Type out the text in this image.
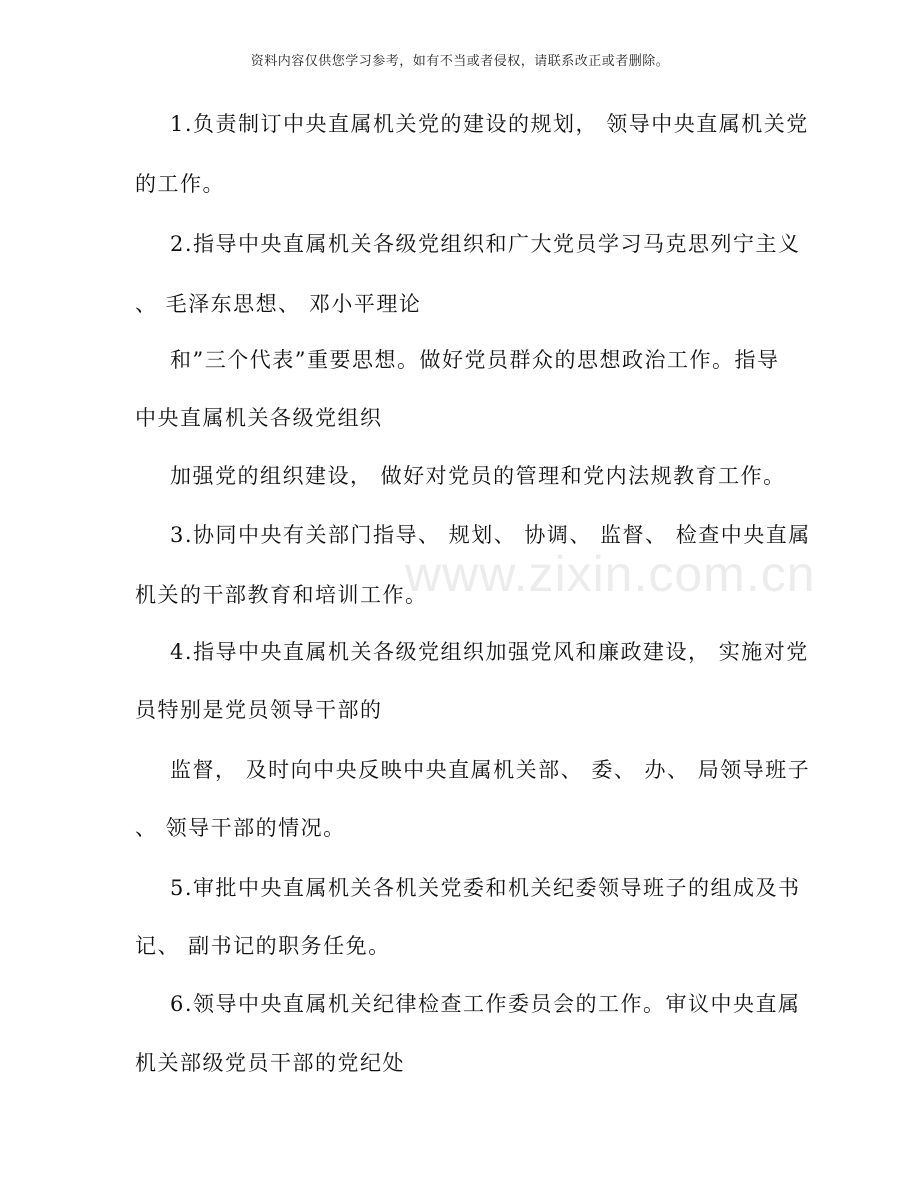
资料内容仅供您学习参考，如有不当或者侵权，请联系改正或者删除。
www.zixin.com.cn
1.负责制订中央直属机关党的建设的规划， 领导中央直属机关党
的工作。
2.指导中央直属机关各级党组织和广大党员学习马克思列宁主义
、 毛泽东思想、 邓小平理论
和”三个代表”重要思想。做好党员群众的思想政治工作。指导
中央直属机关各级党组织
加强党的组织建设， 做好对党员的管理和党内法规教育工作。
3.协同中央有关部门指导、 规划、 协调、 监督、 检查中央直属
机关的干部教育和培训工作。
4.指导中央直属机关各级党组织加强党风和廉政建设， 实施对党
员特别是党员领导干部的
监督， 及时向中央反映中央直属机关部、 委、 办、 局领导班子
、 领导干部的情况。
5.审批中央直属机关各机关党委和机关纪委领导班子的组成及书
记、 副书记的职务任免。
6.领导中央直属机关纪律检查工作委员会的工作。审议中央直属
机关部级党员干部的党纪处
